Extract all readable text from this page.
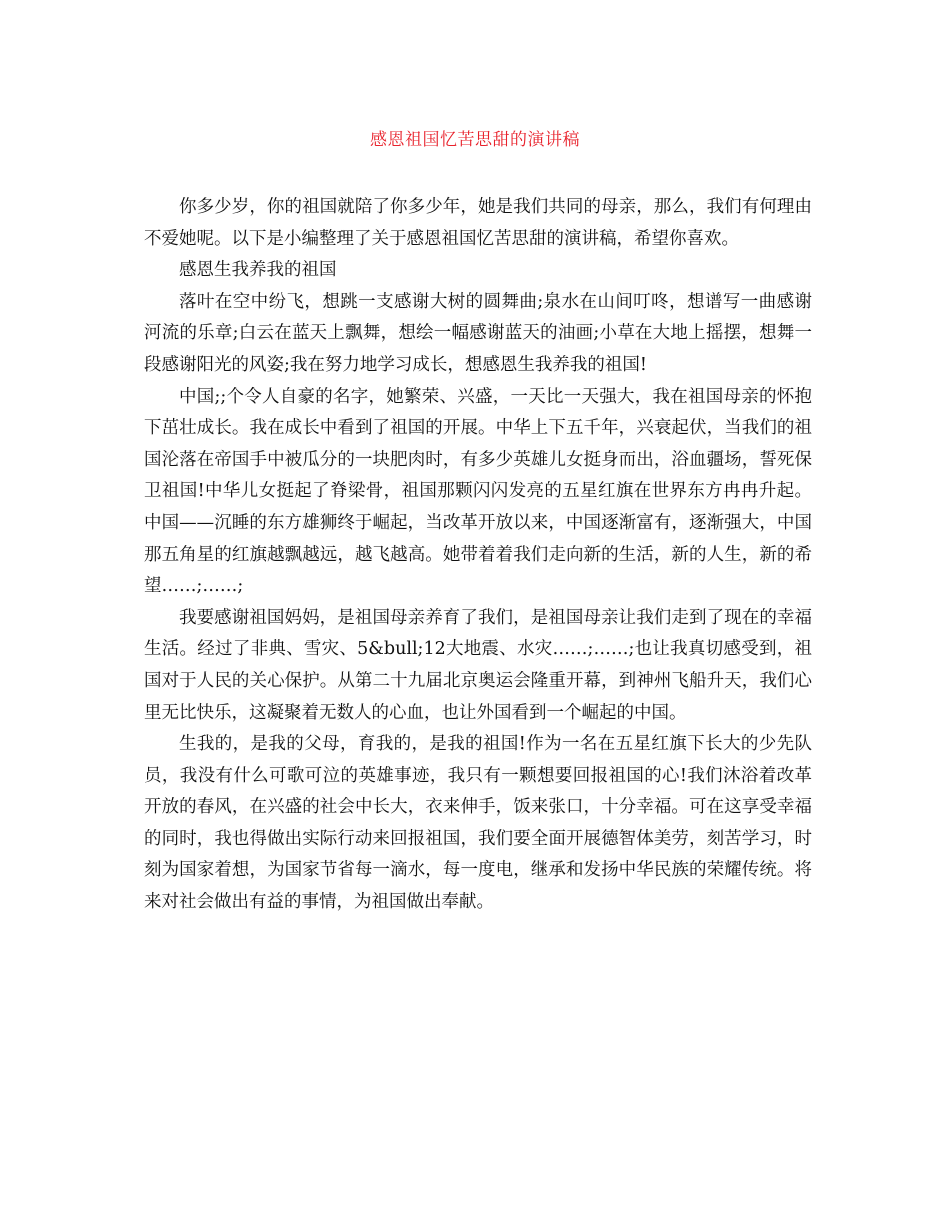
感恩祖国忆苦思甜的演讲稿

你多少岁，你的祖国就陪了你多少年，她是我们共同的母亲，那么，我们有何理由不爱她呢。以下是小编整理了关于感恩祖国忆苦思甜的演讲稿，希望你喜欢。

感恩生我养我的祖国

落叶在空中纷飞，想跳一支感谢大树的圆舞曲;泉水在山间叮咚，想谱写一曲感谢河流的乐章;白云在蓝天上飘舞，想绘一幅感谢蓝天的油画;小草在大地上摇摆，想舞一段感谢阳光的风姿;我在努力地学习成长，想感恩生我养我的祖国!

中国;;个令人自豪的名字，她繁荣、兴盛，一天比一天强大，我在祖国母亲的怀抱下茁壮成长。我在成长中看到了祖国的开展。中华上下五千年，兴衰起伏，当我们的祖国沦落在帝国手中被瓜分的一块肥肉时，有多少英雄儿女挺身而出，浴血疆场，誓死保卫祖国!中华儿女挺起了脊梁骨，祖国那颗闪闪发亮的五星红旗在世界东方冉冉升起。中国——沉睡的东方雄狮终于崛起，当改革开放以来，中国逐渐富有，逐渐强大，中国那五角星的红旗越飘越远，越飞越高。她带着着我们走向新的生活，新的人生，新的希望……;……;

我要感谢祖国妈妈，是祖国母亲养育了我们，是祖国母亲让我们走到了现在的幸福生活。经过了非典、雪灾、5&bull;12大地震、水灾……;……;也让我真切感受到，祖国对于人民的关心保护。从第二十九届北京奥运会隆重开幕，到神州飞船升天，我们心里无比快乐，这凝聚着无数人的心血，也让外国看到一个崛起的中国。

生我的，是我的父母，育我的，是我的祖国!作为一名在五星红旗下长大的少先队员，我没有什么可歌可泣的英雄事迹，我只有一颗想要回报祖国的心!我们沐浴着改革开放的春风，在兴盛的社会中长大，衣来伸手，饭来张口，十分幸福。可在这享受幸福的同时，我也得做出实际行动来回报祖国，我们要全面开展德智体美劳，刻苦学习，时刻为国家着想，为国家节省每一滴水，每一度电，继承和发扬中华民族的荣耀传统。将来对社会做出有益的事情，为祖国做出奉献。
